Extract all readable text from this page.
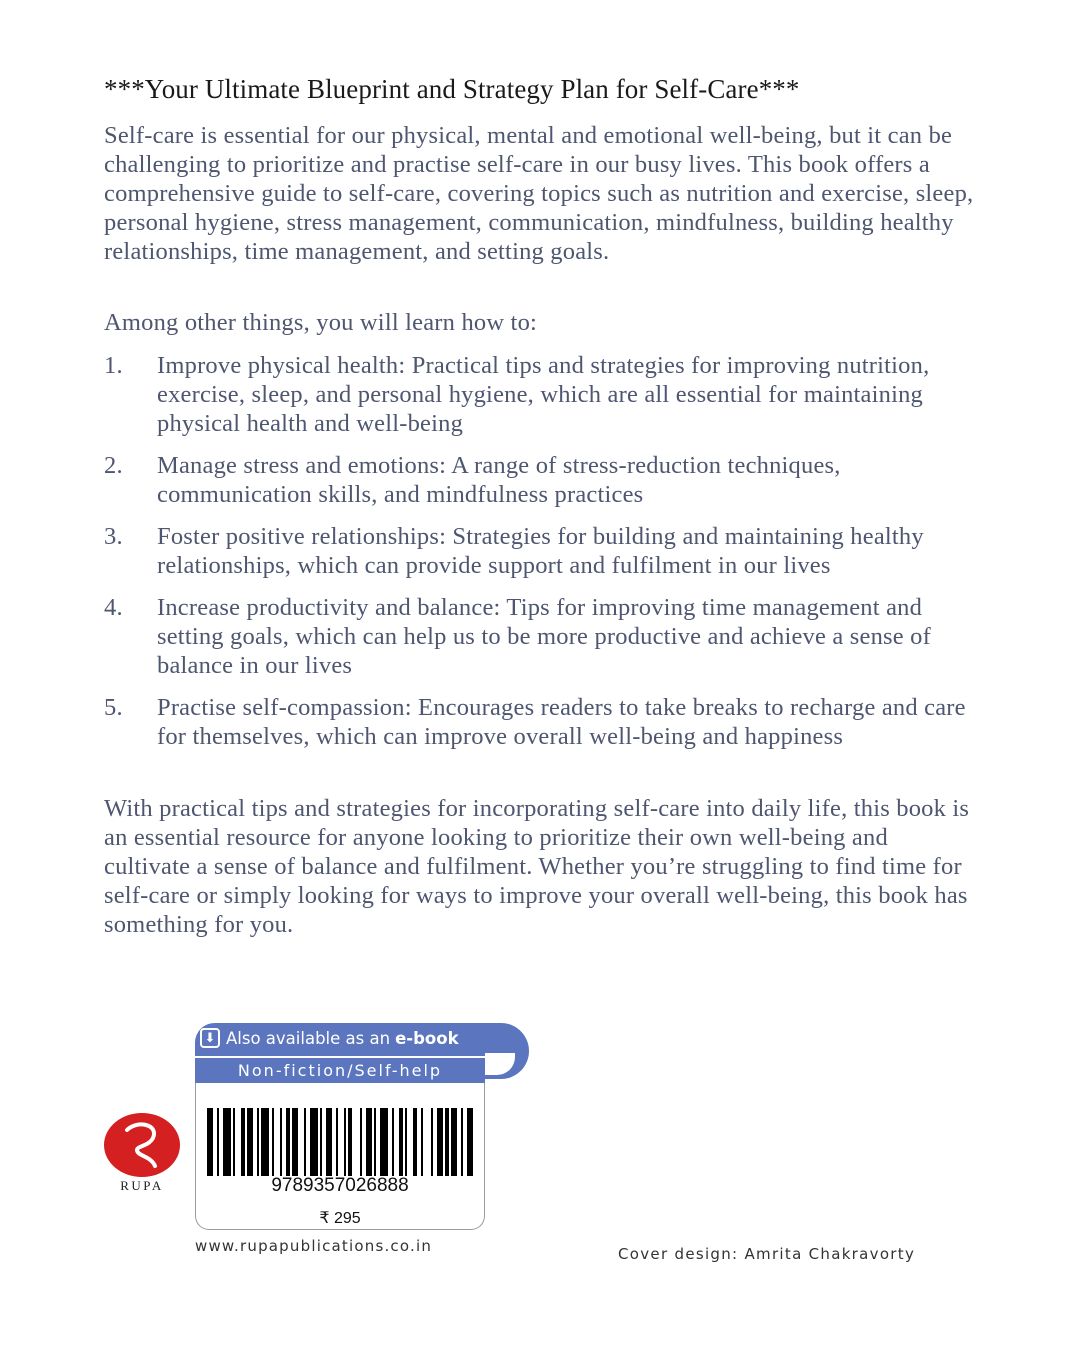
***Your Ultimate Blueprint and Strategy Plan for Self-Care***

Self-care is essential for our physical, mental and emotional well-being, but it can be challenging to prioritize and practise self-care in our busy lives. This book offers a comprehensive guide to self-care, covering topics such as nutrition and exercise, sleep, personal hygiene, stress management, communication, mindfulness, building healthy relationships, time management, and setting goals.

Among other things, you will learn how to:

1. Improve physical health: Practical tips and strategies for improving nutrition, exercise, sleep, and personal hygiene, which are all essential for maintaining physical health and well-being
2. Manage stress and emotions: A range of stress-reduction techniques, communication skills, and mindfulness practices
3. Foster positive relationships: Strategies for building and maintaining healthy relationships, which can provide support and fulfilment in our lives
4. Increase productivity and balance: Tips for improving time management and setting goals, which can help us to be more productive and achieve a sense of balance in our lives
5. Practise self-compassion: Encourages readers to take breaks to recharge and care for themselves, which can improve overall well-being and happiness

With practical tips and strategies for incorporating self-care into daily life, this book is an essential resource for anyone looking to prioritize their own well-being and cultivate a sense of balance and fulfilment. Whether you’re struggling to find time for self-care or simply looking for ways to improve your overall well-being, this book has something for you.

⬇ Also available as an e-book
Non-fiction/Self-help
9789357026888
₹ 295
www.rupapublications.co.in
RUPA
Cover design: Amrita Chakravorty
